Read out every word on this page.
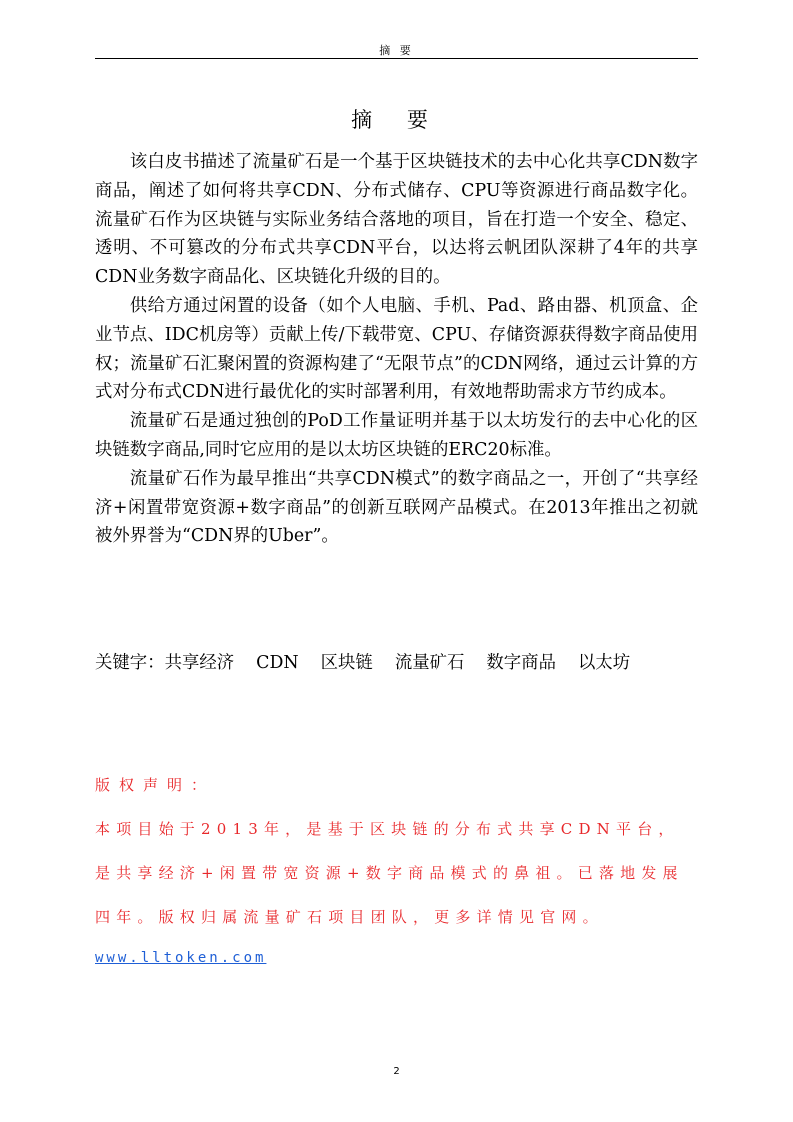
摘 要
摘 要

该白皮书描述了流量矿石是一个基于区块链技术的去中心化共享CDN数字商品，阐述了如何将共享CDN、分布式储存、CPU等资源进行商品数字化。流量矿石作为区块链与实际业务结合落地的项目，旨在打造一个安全、稳定、透明、不可篡改的分布式共享CDN平台，以达将云帆团队深耕了4年的共享CDN业务数字商品化、区块链化升级的目的。

供给方通过闲置的设备（如个人电脑、手机、Pad、路由器、机顶盒、企业节点、IDC机房等）贡献上传/下载带宽、CPU、存储资源获得数字商品使用权；流量矿石汇聚闲置的资源构建了“无限节点”的CDN网络，通过云计算的方式对分布式CDN进行最优化的实时部署利用，有效地帮助需求方节约成本。

流量矿石是通过独创的PoD工作量证明并基于以太坊发行的去中心化的区块链数字商品,同时它应用的是以太坊区块链的ERC20标准。

流量矿石作为最早推出“共享CDN模式”的数字商品之一，开创了“共享经济+闲置带宽资源+数字商品”的创新互联网产品模式。在2013年推出之初就被外界誉为“CDN界的Uber”。

关键字：共享经济 CDN 区块链 流量矿石 数字商品 以太坊
版权声明：
本项目始于2013年，是基于区块链的分布式共享CDN平台，
是共享经济+闲置带宽资源+数字商品模式的鼻祖。已落地发展
四年。版权归属流量矿石项目团队，更多详情见官网。
www.lltoken.com
2
